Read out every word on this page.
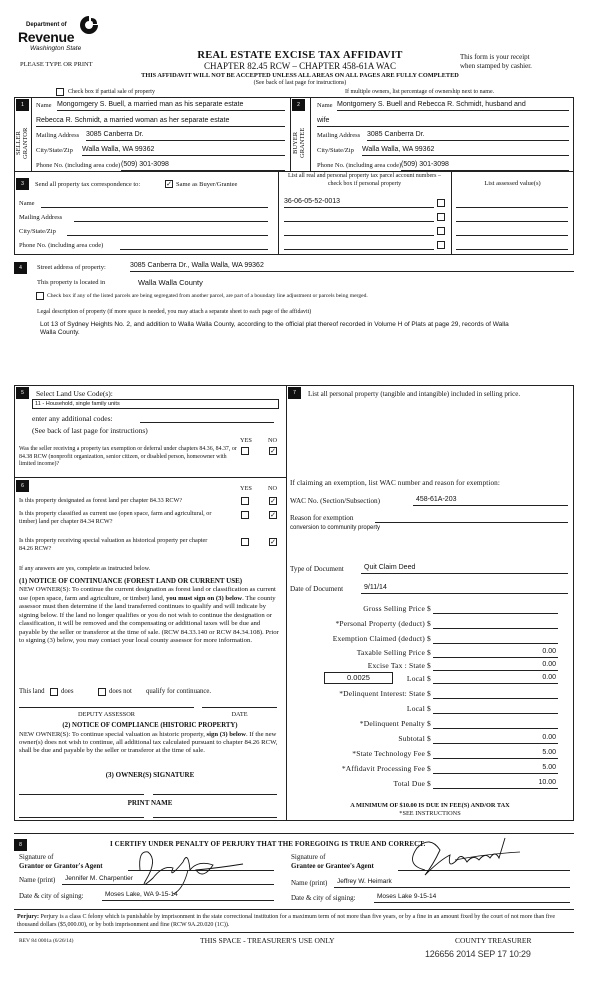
Department of
Revenue
Washington State
PLEASE TYPE OR PRINT
REAL ESTATE EXCISE TAX AFFIDAVIT
CHAPTER 82.45 RCW – CHAPTER 458-61A WAC
This form is your receipt
when stamped by cashier.
THIS AFFIDAVIT WILL NOT BE ACCEPTED UNLESS ALL AREAS ON ALL PAGES ARE FULLY COMPLETED
(See back of last page for instructions)
Check box if partial sale of property	If multiple owners, list percentage of ownership next to name.
1
SELLER
GRANTOR
Name Mongomgery S. Buell, a married man as his separate estate
Rebecca R. Schmidt, a married woman as her separate estate
Mailing Address 3085 Canberra Dr.
City/State/Zip Walla Walla, WA 99362
Phone No. (including area code) (509) 301-3098
2
BUYER
GRANTEE
Name Montgomery S. Buell and Rebecca R. Schmidt, husband and
wife
Mailing Address 3085 Canberra Dr.
City/State/Zip Walla Walla, WA 99362
Phone No. (including area code) (509) 301-3098
3	Send all property tax correspondence to:	✓ Same as Buyer/Grantee
Name
Mailing Address
City/State/Zip
Phone No. (including area code)
List all real and personal property tax parcel account numbers – check box if personal property	List assessed value(s)
36-06-05-52-0013
4	Street address of property:	3085 Canberra Dr., Walla Walla, WA 99362
This property is located in	Walla Walla County
Check box if any of the listed parcels are being segregated from another parcel, are part of a boundary line adjustment or parcels being merged.
Legal description of property (if more space is needed, you may attach a separate sheet to each page of the affidavit)
Lot 13 of Sydney Heights No. 2, and addition to Walla Walla County, according to the official plat thereof recorded in Volume H of Plats at page 29, records of Walla Walla County.
5	Select Land Use Code(s):
11 - Household, single family units
enter any additional codes:
(See back of last page for instructions)
YES	NO
Was the seller receiving a property tax exemption or deferral under chapters 84.36, 84.37, or 84.38 RCW (nonprofit organization, senior citizen, or disabled person, homeowner with limited income)?
✓
6	YES	NO
Is this property designated as forest land per chapter 84.33 RCW?	✓
Is this property classified as current use (open space, farm and agricultural, or timber) land per chapter 84.34 RCW?
✓
Is this property receiving special valuation as historical property per chapter 84.26 RCW?
✓
If any answers are yes, complete as instructed below.
(1) NOTICE OF CONTINUANCE (FOREST LAND OR CURRENT USE)
NEW OWNER(S): To continue the current designation as forest land or classification as current use (open space, farm and agriculture, or timber) land, you must sign on (3) below. The county assessor must then determine if the land transferred continues to qualify and will indicate by signing below. If the land no longer qualifies or you do not wish to continue the designation or classification, it will be removed and the compensating or additional taxes will be due and payable by the seller or transferor at the time of sale. (RCW 84.33.140 or RCW 84.34.108). Prior to signing (3) below, you may contact your local county assessor for more information.
This land does	does not qualify for continuance.
DEPUTY ASSESSOR	DATE
(2) NOTICE OF COMPLIANCE (HISTORIC PROPERTY)
NEW OWNER(S): To continue special valuation as historic property, sign (3) below. If the new owner(s) does not wish to continue, all additional tax calculated pursuant to chapter 84.26 RCW, shall be due and payable by the seller or transferor at the time of sale.
(3) OWNER(S) SIGNATURE
PRINT NAME
7	List all personal property (tangible and intangible) included in selling price.
If claiming an exemption, list WAC number and reason for exemption:
WAC No. (Section/Subsection)	458-61A-203
Reason for exemption
conversion to community property
Type of Document	Quit Claim Deed
Date of Document	9/11/14
Gross Selling Price $
*Personal Property (deduct) $
Exemption Claimed (deduct) $
Taxable Selling Price $	0.00
Excise Tax : State $	0.00
0.0025	Local $	0.00
*Delinquent Interest: State $
Local $
*Delinquent Penalty $
Subtotal $	0.00
*State Technology Fee $	5.00
*Affidavit Processing Fee $	5.00
Total Due $	10.00
A MINIMUM OF $10.00 IS DUE IN FEE(S) AND/OR TAX
*SEE INSTRUCTIONS
8	I CERTIFY UNDER PENALTY OF PERJURY THAT THE FOREGOING IS TRUE AND CORRECT.
Signature of
Grantor or Grantor's Agent
Name (print)	Jennifer M. Charpentier
Date & city of signing:	Moses Lake, WA 9-15-14
Signature of
Grantee or Grantee's Agent
Name (print)	Jeffrey W. Heimark
Date & city of signing:	Moses Lake 9-15-14
Perjury: Perjury is a class C felony which is punishable by imprisonment in the state correctional institution for a maximum term of not more than five years, or by a fine in an amount fixed by the court of not more than five thousand dollars ($5,000.00), or by both imprisonment and fine (RCW 9A.20.020 (1C)).
REV 84 0001a (6/26/14)	THIS SPACE - TREASURER'S USE ONLY	COUNTY TREASURER
126656 2014 SEP 17 10:29
